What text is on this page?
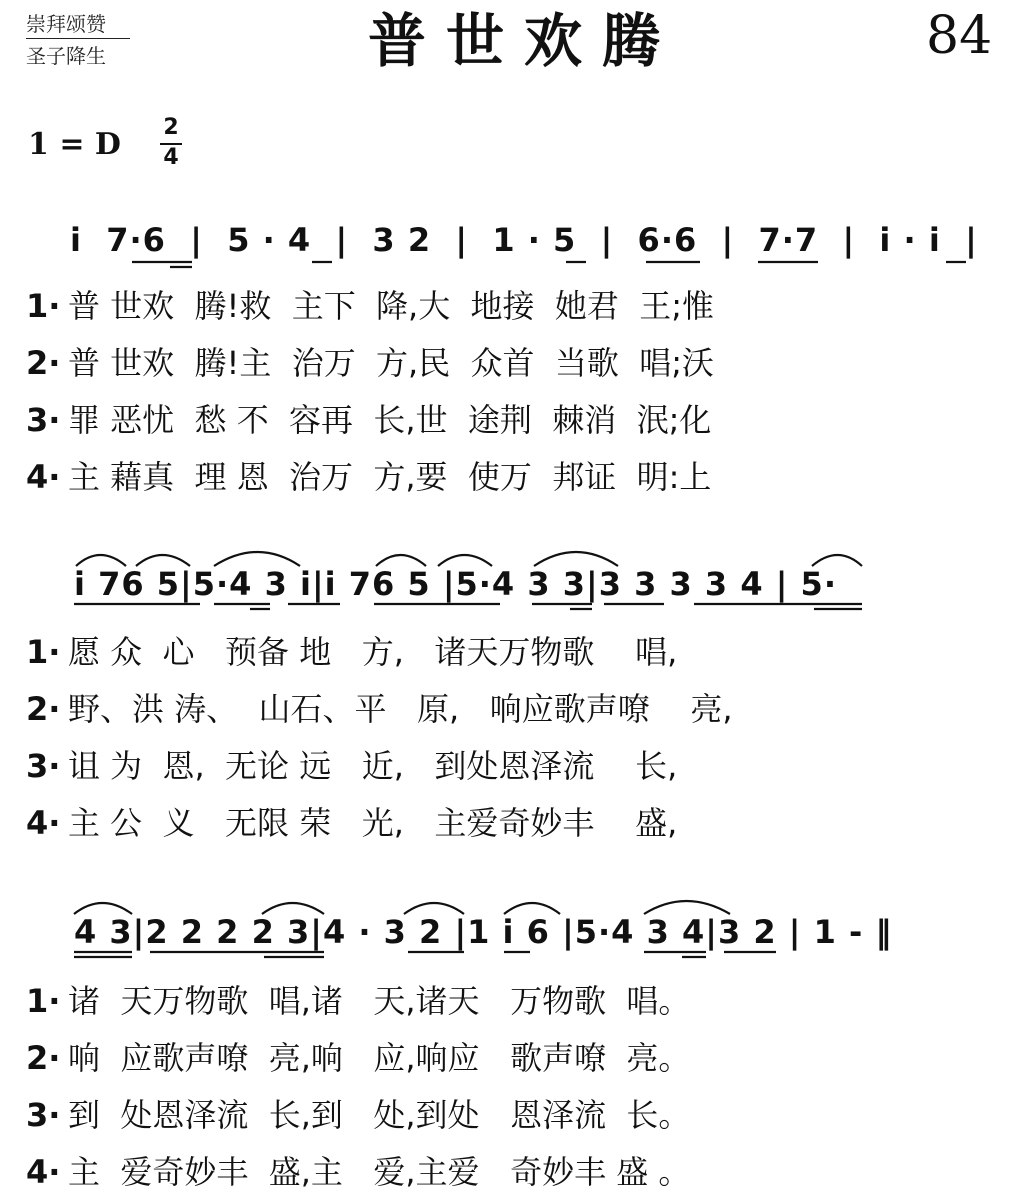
崇拜颂赞
圣子降生	普世欢腾	84
1 = D

2

4

i̇  7·6  |  5 · 4  |  3 2  |  1 · 5  |  6·6  |  7·7  |  i̇ · i̇  |
1· 普 世欢  腾!救  主下  降,大  地接  她君  王;惟
2· 普 世欢  腾!主  治万  方,民  众首  当歌  唱;沃
3· 罪 恶忧  愁 不  容再  长,世  途荆  棘消  泯;化
4· 主 藉真  理 恩  治万  方,要  使万  邦证  明:上
i̇ 76 5|5·4 3 i̇|i̇ 76 5 |5·4 3 3|3 3 3 3 4 | 5·
1· 愿 众  心   预备 地   方,   诸天万物歌    唱,
2· 野、洪 涛、  山石、平   原,   响应歌声嘹    亮,
3· 诅 为  恩,  无论 远   近,   到处恩泽流    长,
4· 主 公  义   无限 荣   光,   主爱奇妙丰    盛,
4 3|2 2 2 2 3|4 · 3 2 |1 i̇ 6 |5·4 3 4|3 2 | 1 - ‖
1· 诸  天万物歌  唱,诸   天,诸天   万物歌  唱。
2· 响  应歌声嘹  亮,响   应,响应   歌声嘹  亮。
3· 到  处恩泽流  长,到   处,到处   恩泽流  长。
4· 主  爱奇妙丰  盛,主   爱,主爱   奇妙丰 盛 。
